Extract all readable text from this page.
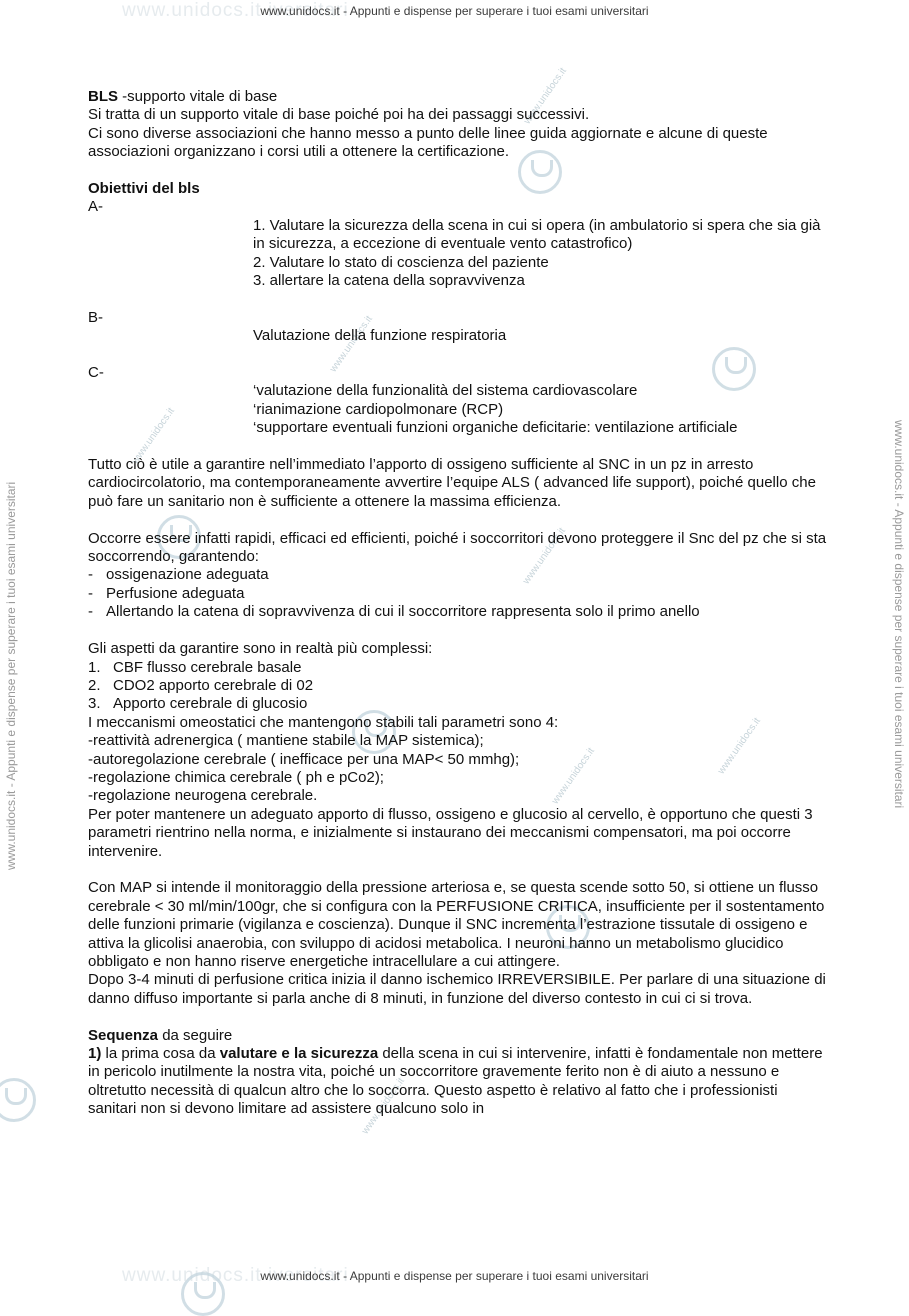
www.unidocs.it iversitari
www.unidocs.it iversitari
www.unidocs.it - Appunti e dispense per superare i tuoi esami universitari
www.unidocs.it - Appunti e dispense per superare i tuoi esami universitari
www.unidocs.it - Appunti e dispense per superare i tuoi esami universitari	www.unidocs.it - Appunti e dispense per superare i tuoi esami universitari
www.unidocs.it
www.unidocs.it
www.unidocs.it
www.unidocs.it
www.unidocs.it
www.unidocs.it
www.unidocs.it

BLS -supporto vitale di base

Si tratta di un supporto vitale di base poiché poi ha dei passaggi successivi.

Ci sono diverse associazioni che hanno messo a punto delle linee guida aggiornate e alcune di queste associazioni organizzano i corsi utili a ottenere la certificazione.

Obiettivi del bls

A-

1. Valutare la sicurezza della scena in cui si opera (in ambulatorio si spera che sia già in sicurezza, a eccezione di eventuale vento catastrofico)

2. Valutare lo stato di coscienza del paziente

3. allertare la catena della sopravvivenza

B-

Valutazione della funzione respiratoria

C-

‘valutazione della funzionalità del sistema cardiovascolare

‘rianimazione cardiopolmonare (RCP)

‘supportare eventuali funzioni organiche deficitarie: ventilazione artificiale

Tutto ciò è utile a garantire nell’immediato l’apporto di ossigeno sufficiente al SNC in un pz in arresto cardiocircolatorio, ma contemporaneamente avvertire l’equipe ALS ( advanced life support), poiché quello che può fare un sanitario non è sufficiente a ottenere la massima efficienza.

Occorre essere infatti rapidi, efficaci ed efficienti, poiché i soccorritori devono proteggere il Snc del pz che si sta soccorrendo, garantendo:

- ossigenazione adeguata
- Perfusione adeguata
- Allertando la catena di sopravvivenza di cui il soccorritore rappresenta solo il primo anello

Gli aspetti da garantire sono in realtà più complessi:

1. CBF flusso cerebrale basale
2. CDO2 apporto cerebrale di 02
3. Apporto cerebrale di glucosio

I meccanismi omeostatici che mantengono stabili tali parametri sono 4:

-reattività adrenergica ( mantiene stabile la MAP sistemica);

-autoregolazione cerebrale ( inefficace per una MAP< 50 mmhg);

-regolazione chimica cerebrale ( ph e pCo2);

-regolazione neurogena cerebrale.

Per poter mantenere un adeguato apporto di flusso, ossigeno e glucosio al cervello, è opportuno che questi 3 parametri rientrino nella norma, e inizialmente si instaurano dei meccanismi compensatori, ma poi occorre intervenire.

Con MAP si intende il monitoraggio della pressione arteriosa e, se questa scende sotto 50, si ottiene un flusso cerebrale < 30 ml/min/100gr, che si configura con la PERFUSIONE CRITICA, insufficiente per il sostentamento delle funzioni primarie (vigilanza e coscienza). Dunque il SNC incrementa l’estrazione tissutale di ossigeno e attiva la glicolisi anaerobia, con sviluppo di acidosi metabolica. I neuroni hanno un metabolismo glucidico obbligato e non hanno riserve energetiche intracellulare a cui attingere.

Dopo 3-4 minuti di perfusione critica inizia il danno ischemico IRREVERSIBILE. Per parlare di una situazione di danno diffuso importante si parla anche di 8 minuti, in funzione del diverso contesto in cui ci si trova.

Sequenza da seguire

1) la prima cosa da valutare e la sicurezza della scena in cui si intervenire, infatti è fondamentale non mettere in pericolo inutilmente la nostra vita, poiché un soccorritore gravemente ferito non è di aiuto a nessuno e oltretutto necessità di qualcun altro che lo soccorra. Questo aspetto è relativo al fatto che i professionisti sanitari non si devono limitare ad assistere qualcuno solo in
